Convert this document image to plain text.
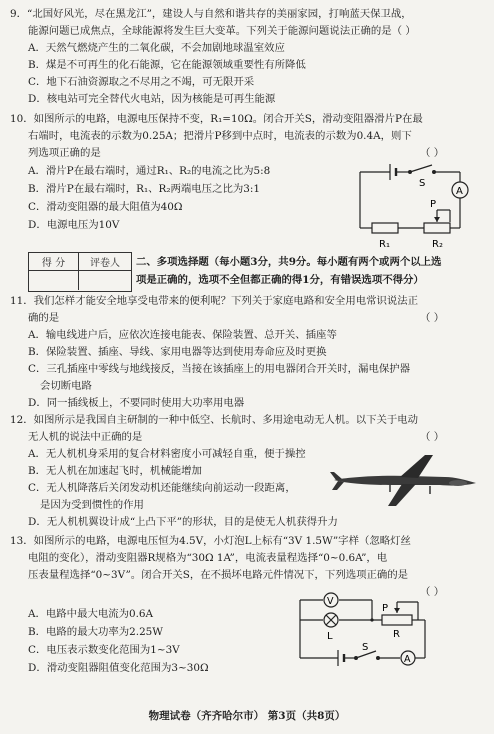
9．“北国好风光，尽在黑龙江”，建设人与自然和谐共存的美丽家园，打响蓝天保卫战，
能源问题已成焦点，全球能源将发生巨大变革。下列关于能源问题说法正确的是（ ）
A．天然气燃烧产生的二氧化碳，不会加剧地球温室效应
B．煤是不可再生的化石能源，它在能源领域重要性有所降低
C．地下石油资源取之不尽用之不竭，可无限开采
D．核电站可完全替代火电站，因为核能是可再生能源
10．如图所示的电路，电源电压保持不变，R₁=10Ω。闭合开关S，滑动变阻器滑片P在最
右端时，电流表的示数为0.25A；把滑片P移到中点时，电流表的示数为0.4A，则下
列选项正确的是	（ ）
A．滑片P在最右端时，通过R₁、R₂的电流之比为5:8
B．滑片P在最右端时，R₁、R₂两端电压之比为3:1
C．滑动变阻器的最大阻值为40Ω
D．电源电压为10V
S
A
P
R₁	R₂
得 分	评卷人	二、多项选择题（每小题3分，共9分。每小题有两个或两个以上选
项是正确的，选项不全但都正确的得1分，有错误选项不得分）
11．我们怎样才能安全地享受电带来的便利呢？下列关于家庭电路和安全用电常识说法正
确的是	（ ）
A．输电线进户后，应依次连接电能表、保险装置、总开关、插座等
B．保险装置、插座、导线、家用电器等达到使用寿命应及时更换
C．三孔插座中零线与地线接反，当接在该插座上的用电器闭合开关时，漏电保护器
会切断电路
D．同一插线板上，不要同时使用大功率用电器
12．如图所示是我国自主研制的一种中低空、长航时、多用途电动无人机。以下关于电动
无人机的说法中正确的是	（ ）
A．无人机机身采用的复合材料密度小可减轻自重，便于操控
B．无人机在加速起飞时，机械能增加
C．无人机降落后关闭发动机还能继续向前运动一段距离，
是因为受到惯性的作用
D．无人机机翼设计成“上凸下平”的形状，目的是使无人机获得升力
13．如图所示的电路，电源电压恒为4.5V，小灯泡L上标有“3V 1.5W”字样（忽略灯丝
电阻的变化），滑动变阻器R规格为“30Ω 1A”，电流表量程选择“0~0.6A”，电
压表量程选择“0~3V”。闭合开关S，在不损坏电路元件情况下，下列选项正确的是
（ ）
A．电路中最大电流为0.6A
B．电路的最大功率为2.25W
C．电压表示数变化范围为1~3V
D．滑动变阻器阻值变化范围为3~30Ω
V
L
P
R
S
A
物理试卷（齐齐哈尔市） 第3页（共8页）
